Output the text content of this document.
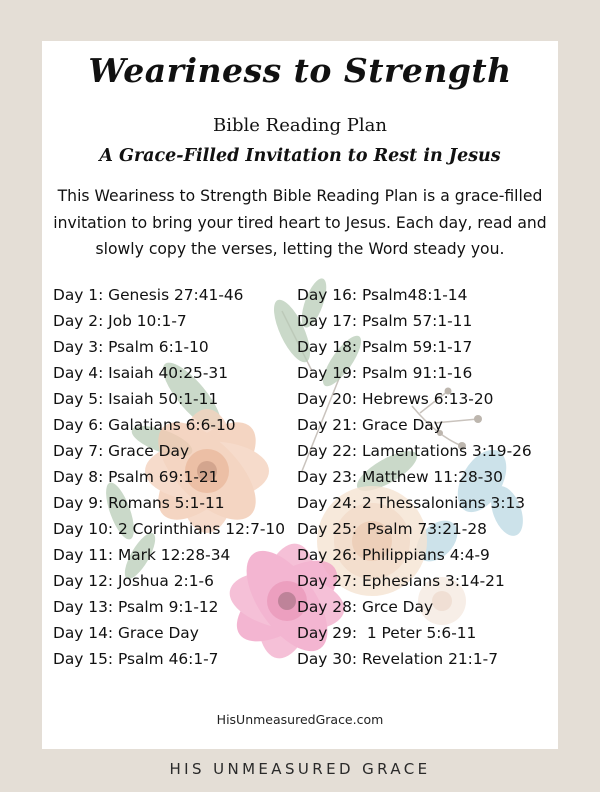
Weariness to Strength
Bible Reading Plan
A Grace-Filled Invitation to Rest in Jesus
This Weariness to Strength Bible Reading Plan is a grace-filled invitation to bring your tired heart to Jesus. Each day, read and slowly copy the verses, letting the Word steady you.
Day 1: Genesis 27:41-46
Day 2: Job 10:1-7
Day 3: Psalm 6:1-10
Day 4: Isaiah 40:25-31
Day 5: Isaiah 50:1-11
Day 6: Galatians 6:6-10
Day 7: Grace Day
Day 8: Psalm 69:1-21
Day 9: Romans 5:1-11
Day 10: 2 Corinthians 12:7-10
Day 11: Mark 12:28-34
Day 12: Joshua 2:1-6
Day 13: Psalm 9:1-12
Day 14: Grace Day
Day 15: Psalm 46:1-7
Day 16: Psalm48:1-14
Day 17: Psalm 57:1-11
Day 18: Psalm 59:1-17
Day 19: Psalm 91:1-16
Day 20: Hebrews 6:13-20
Day 21: Grace Day
Day 22: Lamentations 3:19-26
Day 23: Matthew 11:28-30
Day 24: 2 Thessalonians 3:13
Day 25:  Psalm 73:21-28
Day 26: Philippians 4:4-9
Day 27: Ephesians 3:14-21
Day 28: Grce Day
Day 29:  1 Peter 5:6-11
Day 30: Revelation 21:1-7
HisUnmeasuredGrace.com
HIS UNMEASURED GRACE
